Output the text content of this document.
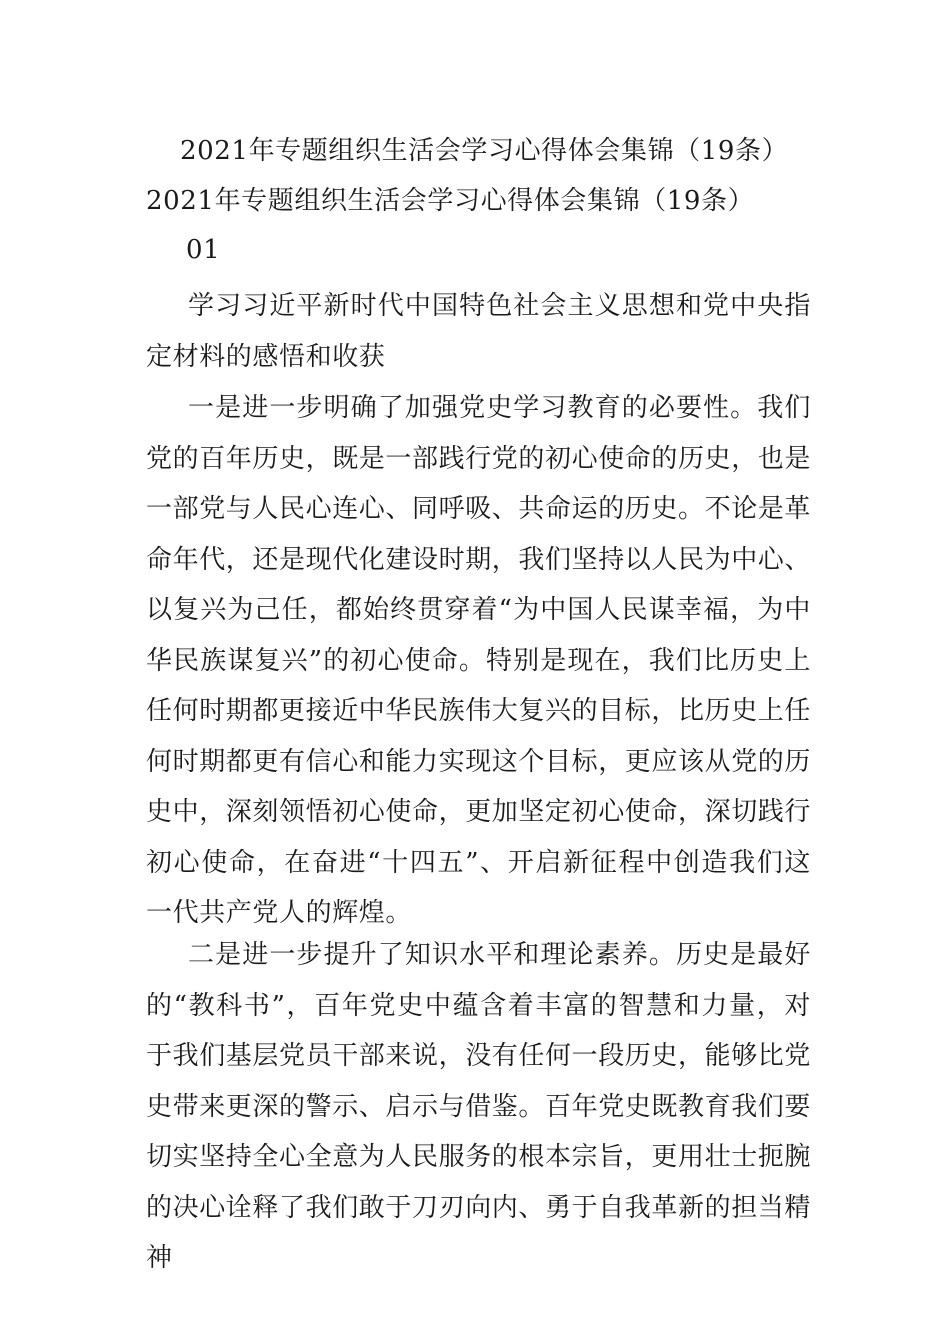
2021年专题组织生活会学习心得体会集锦（19条）
2021年专题组织生活会学习心得体会集锦（19条）
01
学习习近平新时代中国特色社会主义思想和党中央指定材料的感悟和收获
一是进一步明确了加强党史学习教育的必要性。我们党的百年历史，既是一部践行党的初心使命的历史，也是一部党与人民心连心、同呼吸、共命运的历史。不论是革命年代，还是现代化建设时期，我们坚持以人民为中心、以复兴为己任，都始终贯穿着“为中国人民谋幸福，为中华民族谋复兴”的初心使命。特别是现在，我们比历史上任何时期都更接近中华民族伟大复兴的目标，比历史上任何时期都更有信心和能力实现这个目标，更应该从党的历史中，深刻领悟初心使命，更加坚定初心使命，深切践行初心使命，在奋进“十四五”、开启新征程中创造我们这一代共产党人的辉煌。
二是进一步提升了知识水平和理论素养。历史是最好的“教科书”，百年党史中蕴含着丰富的智慧和力量，对于我们基层党员干部来说，没有任何一段历史，能够比党史带来更深的警示、启示与借鉴。百年党史既教育我们要切实坚持全心全意为人民服务的根本宗旨，更用壮士扼腕的决心诠释了我们敢于刀刃向内、勇于自我革新的担当精神
